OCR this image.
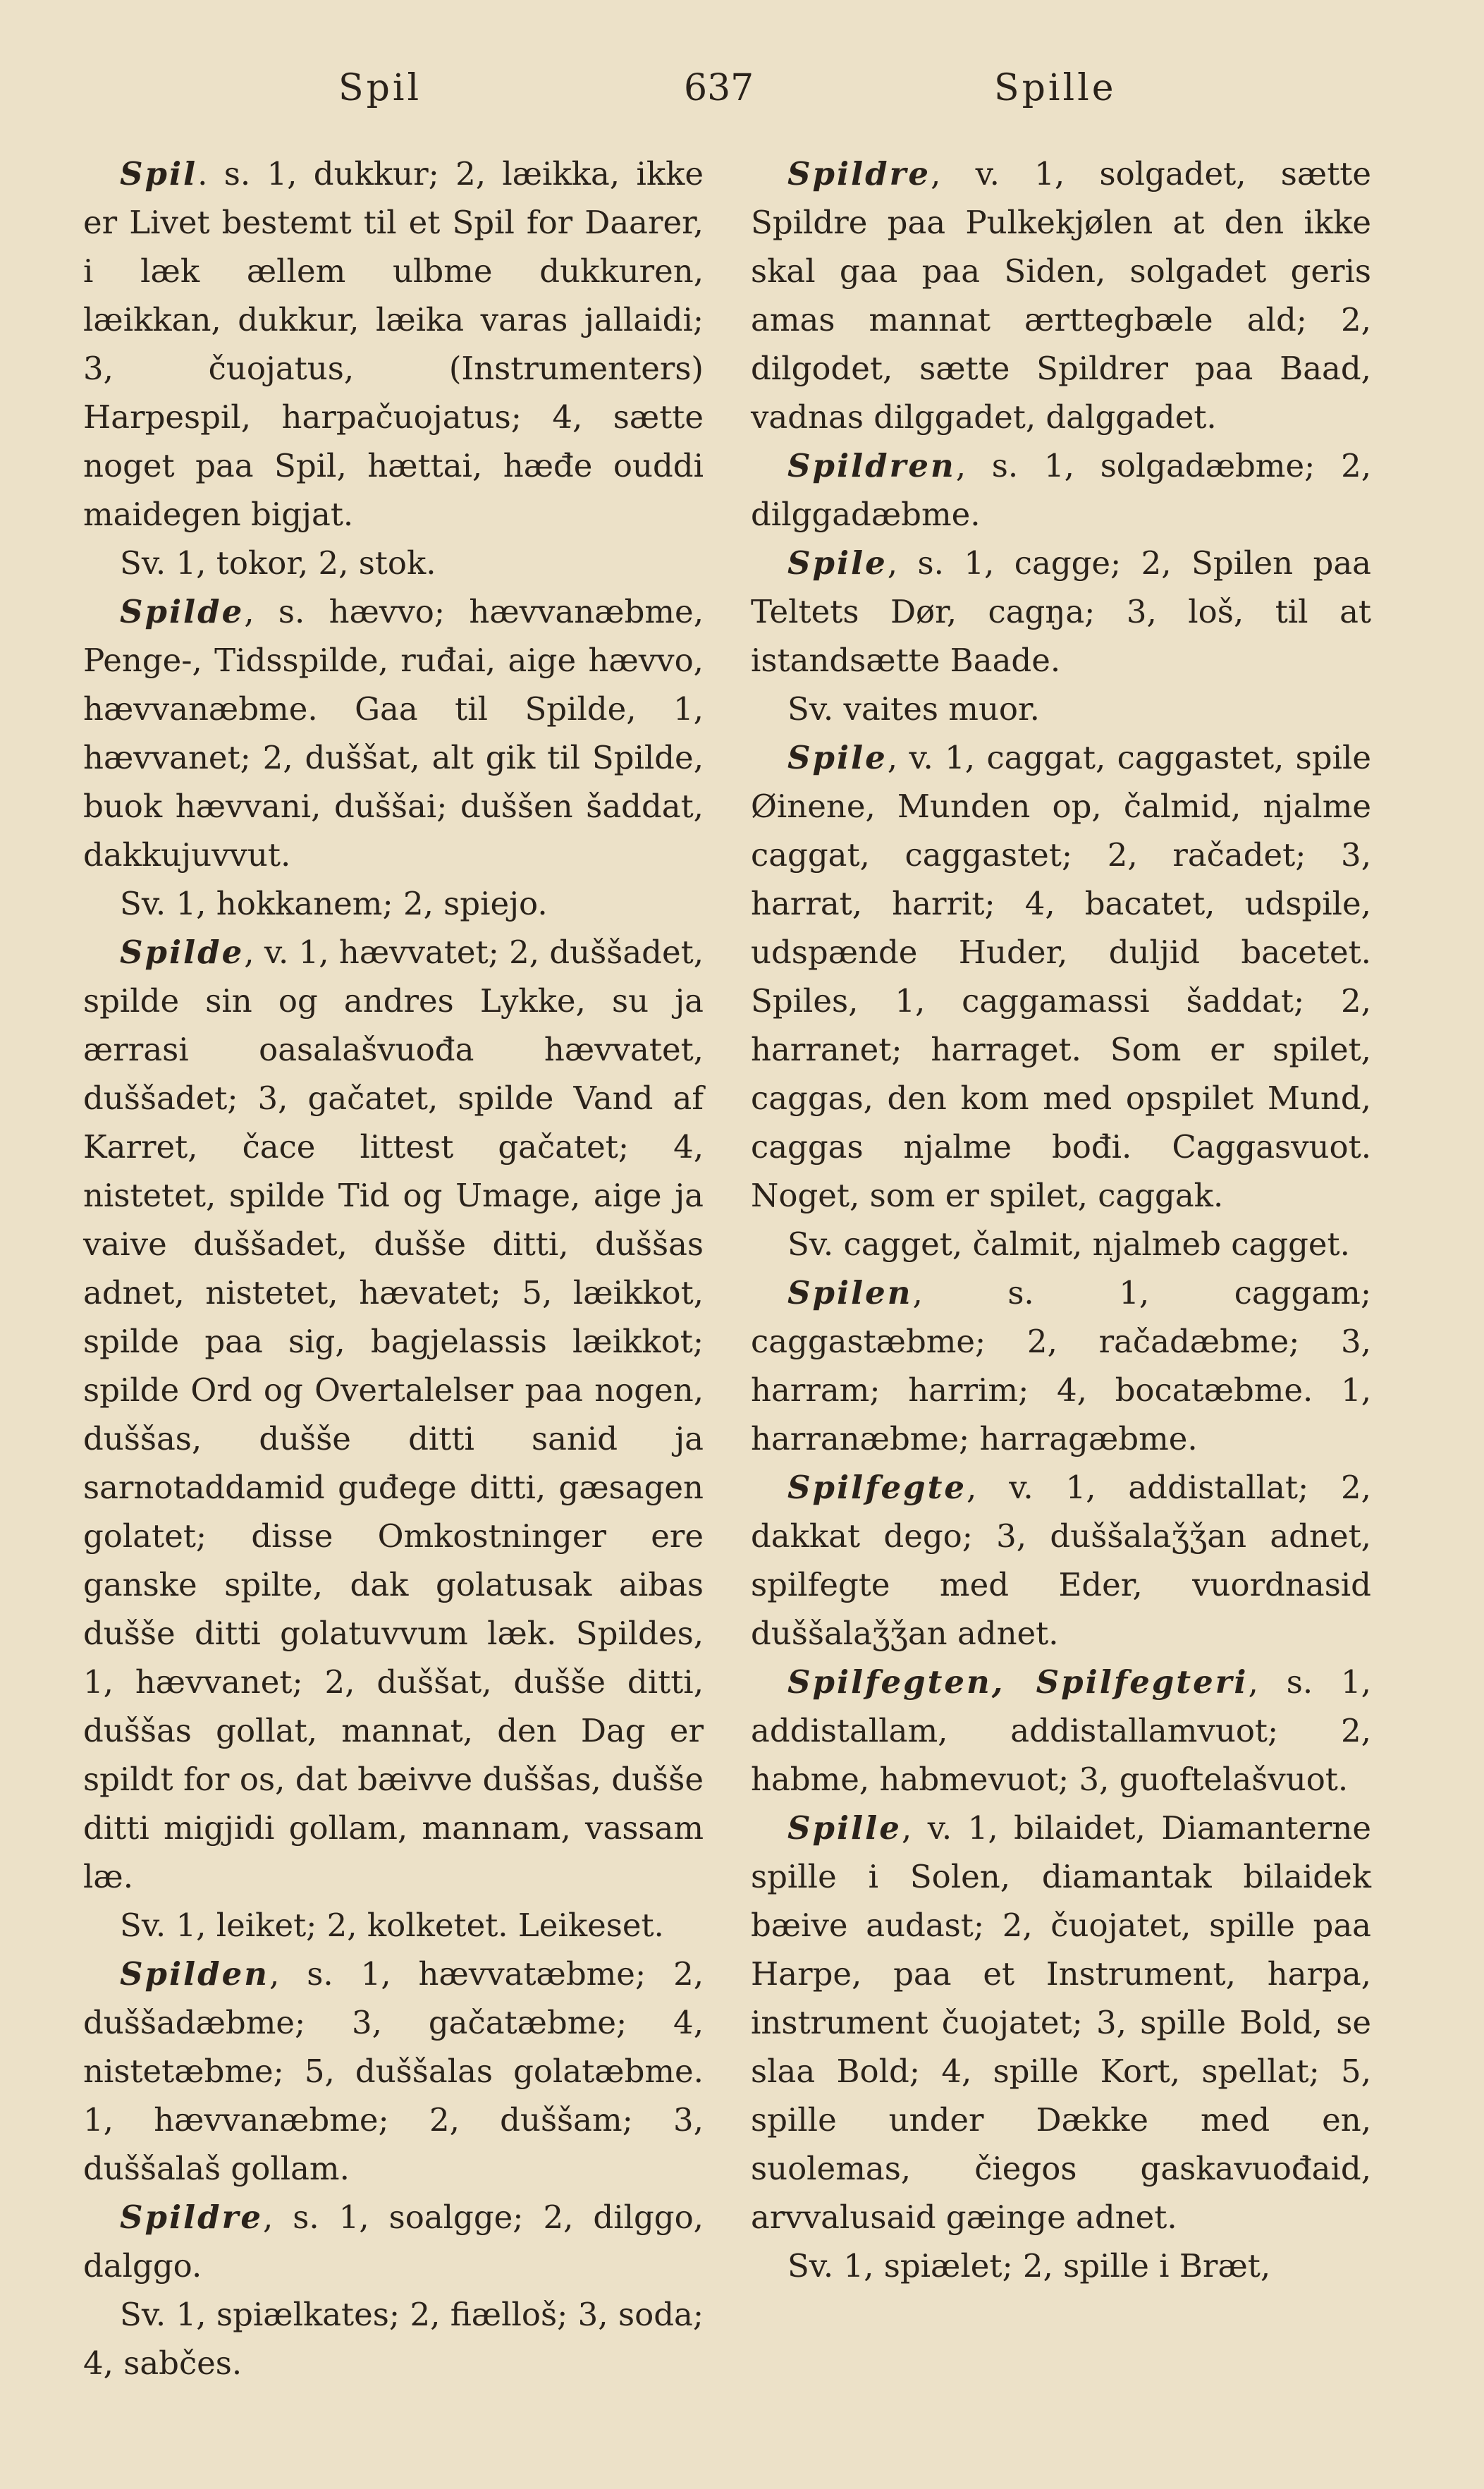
Spil	637	Spille

Spil. s. 1, dukkur; 2, læikka, ikke er Livet bestemt til et Spil for Daarer, i læk ællem ulbme dukkuren, læikkan, dukkur, læika varas jallaidi; 3, čuojatus, (Instrumenters) Harpespil, harpačuojatus; 4, sætte noget paa Spil, hættai, hæđe ouddi maidegen bigjat.

Sv. 1, tokor, 2, stok.

Spilde, s. hævvo; hævvanæbme, Penge-, Tidsspilde, ruđai, aige hævvo, hævvanæbme. Gaa til Spilde, 1, hævvanet; 2, duššat, alt gik til Spilde, buok hævvani, duššai; duššen šaddat, dakkujuvvut.

Sv. 1, hokkanem; 2, spiejo.

Spilde, v. 1, hævvatet; 2, duššadet, spilde sin og andres Lykke, su ja ærrasi oasalašvuođa hævvatet, duššadet; 3, gačatet, spilde Vand af Karret, čace littest gačatet; 4, nistetet, spilde Tid og Umage, aige ja vaive duššadet, dušše ditti, duššas adnet, nistetet, hævatet; 5, læikkot, spilde paa sig, bagjelassis læikkot; spilde Ord og Overtalelser paa nogen, duššas, dušše ditti sanid ja sarnotaddamid guđege ditti, gæsagen golatet; disse Omkostninger ere ganske spilte, dak golatusak aibas dušše ditti golatuvvum læk. Spildes, 1, hævvanet; 2, duššat, dušše ditti, duššas gollat, mannat, den Dag er spildt for os, dat bæivve duššas, dušše ditti migjidi gollam, mannam, vassam læ.

Sv. 1, leiket; 2, kolketet. Leikeset.

Spilden, s. 1, hævvatæbme; 2, duššadæbme; 3, gačatæbme; 4, nistetæbme; 5, duššalas golatæbme. 1, hævvanæbme; 2, duššam; 3, duššalaš gollam.

Spildre, s. 1, soalgge; 2, dilggo, dalggo.

Sv. 1, spiælkates; 2, fiælloš; 3, soda; 4, sabčes.

Spildre, v. 1, solgadet, sætte Spildre paa Pulkekjølen at den ikke skal gaa paa Siden, solgadet geris amas mannat ærttegbæle ald; 2, dilgodet, sætte Spildrer paa Baad, vadnas dilggadet, dalggadet.

Spildren, s. 1, solgadæbme; 2, dilggadæbme.

Spile, s. 1, cagge; 2, Spilen paa Teltets Dør, cagŋa; 3, loš, til at istandsætte Baade.

Sv. vaites muor.

Spile, v. 1, caggat, caggastet, spile Øinene, Munden op, čalmid, njalme caggat, caggastet; 2, račadet; 3, harrat, harrit; 4, bacatet, udspile, udspænde Huder, duljid bacetet. Spiles, 1, caggamassi šaddat; 2, harranet; harraget. Som er spilet, caggas, den kom med opspilet Mund, caggas njalme bođi. Caggasvuot. Noget, som er spilet, caggak.

Sv. cagget, čalmit, njalmeb cagget.

Spilen, s. 1, caggam; caggastæbme; 2, račadæbme; 3, harram; harrim; 4, bocatæbme. 1, harranæbme; harragæbme.

Spilfegte, v. 1, addistallat; 2, dakkat dego; 3, duššalaǯǯan adnet, spilfegte med Eder, vuordnasid duššalaǯǯan adnet.

Spilfegten, Spilfegteri, s. 1, addistallam, addistallamvuot; 2, habme, habmevuot; 3, guoftelašvuot.

Spille, v. 1, bilaidet, Diamanterne spille i Solen, diamantak bilaidek bæive audast; 2, čuojatet, spille paa Harpe, paa et Instrument, harpa, instrument čuojatet; 3, spille Bold, se slaa Bold; 4, spille Kort, spellat; 5, spille under Dække med en, suolemas, čiegos gaskavuođaid, arvvalusaid gæinge adnet.

Sv. 1, spiælet; 2, spille i Bræt,
